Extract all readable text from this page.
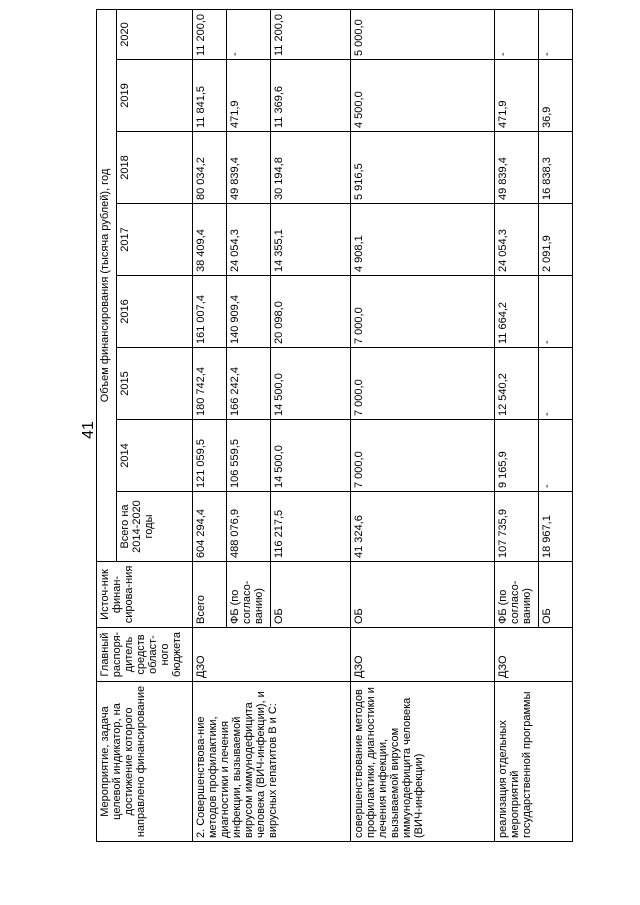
41
Мероприятие, задача целевой индикатор, на достижение которого направлено финансирование	Главный распоря-дитель средств област-ного бюджета	Источ-ник финан-сирова-ния	Объем финансирования (тысяча рублей), год							
			Всего на 2014-2020 годы	2014	2015	2016	2017	2018	2019	2020
2. Совершенствова-ние методов профилактики, диагностики и лечения инфекции, вызываемой вирусом иммунодефицита человека (ВИЧ-инфекции), и вирусных гепатитов В и С:	ДЗО	Всего	604 294,4	121 059,5	180 742,4	161 007,4	38 409,4	80 034,2	11 841,5	11 200,0
		ФБ (по согласо-ванию)	488 076,9	106 559,5	166 242,4	140 909,4	24 054,3	49 839,4	471,9	-
		ОБ	116 217,5	14 500,0	14 500,0	20 098,0	14 355,1	30 194,8	11 369,6	11 200,0
совершенствование методов профилактики, диагностики и лечения инфекции, вызываемой вирусом иммунодефицита человека (ВИЧ-инфекции)	ДЗО	ОБ	41 324,6	7 000,0	7 000,0	7 000,0	4 908,1	5 916,5	4 500,0	5 000,0
реализация отдельных мероприятий государственной программы	ДЗО	ФБ (по согласо-ванию)	107 735,9	9 165,9	12 540,2	11 664,2	24 054,3	49 839,4	471,9	-
		ОБ	18 967,1	-	-	-	2 091,9	16 838,3	36,9	-
